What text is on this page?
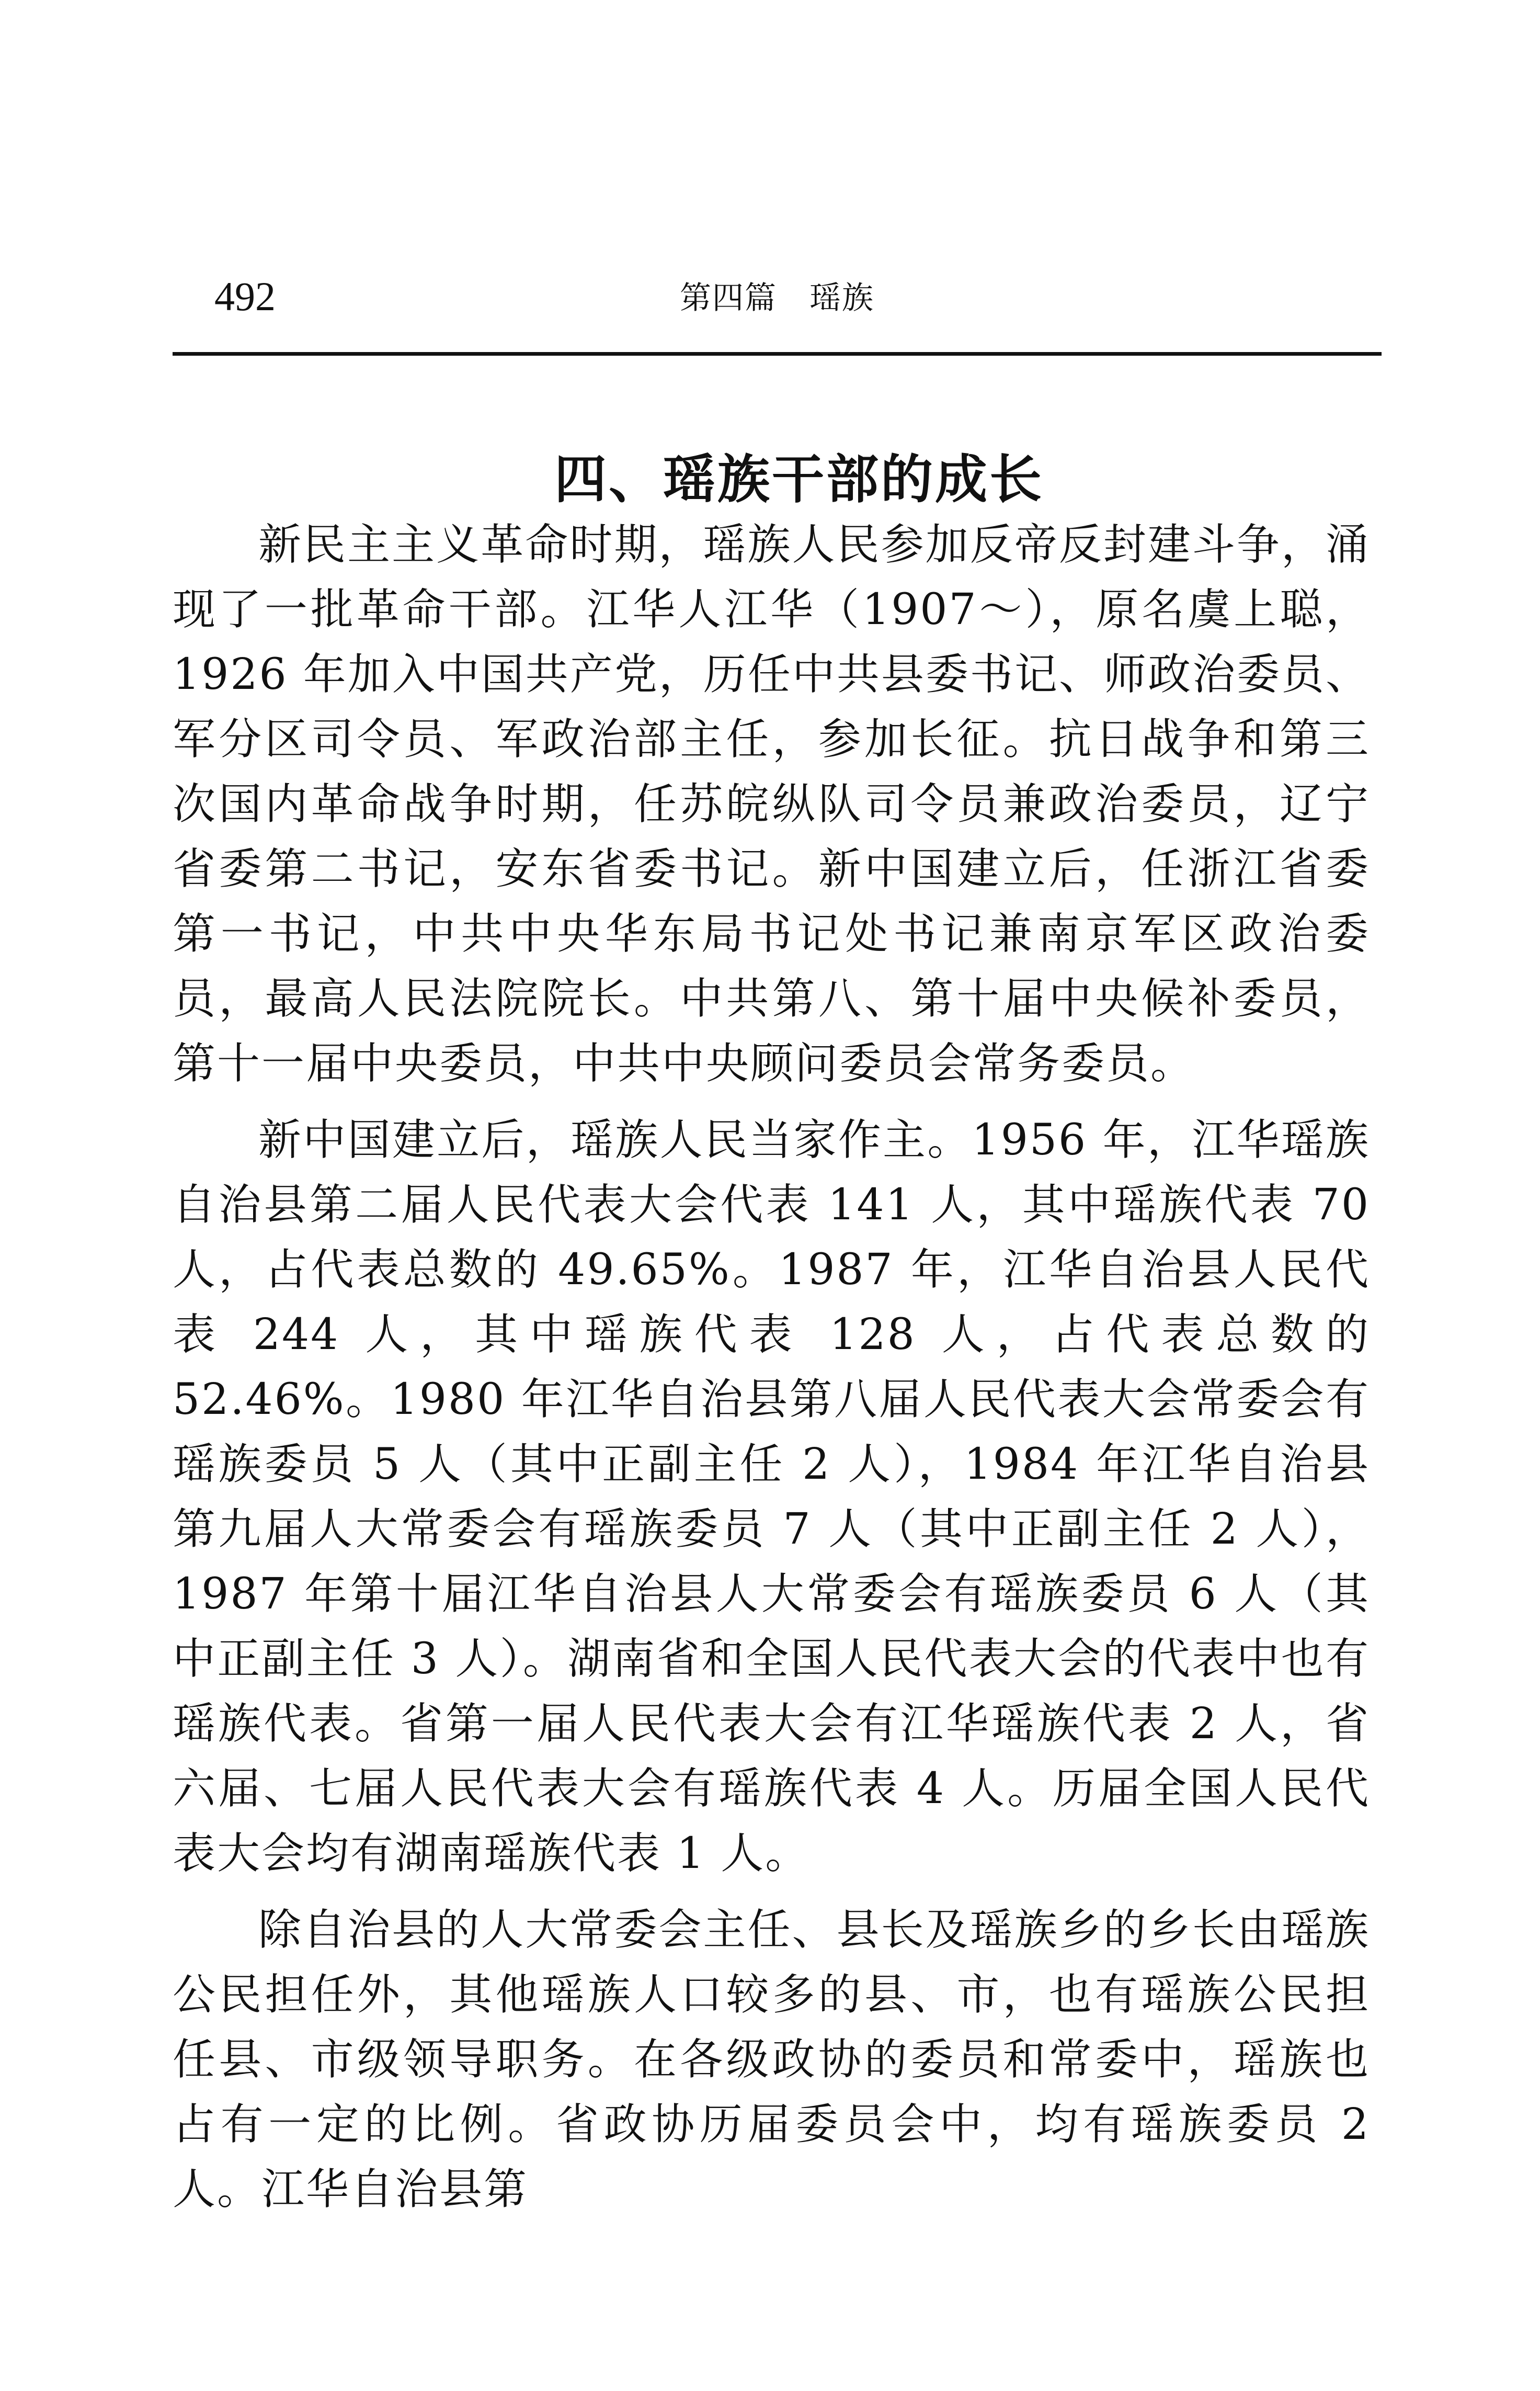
492	第四篇　瑶族
四、瑶族干部的成长

新民主主义革命时期，瑶族人民参加反帝反封建斗争，涌现了一批革命干部。江华人江华（1907～），原名虞上聪，1926 年加入中国共产党，历任中共县委书记、师政治委员、军分区司令员、军政治部主任，参加长征。抗日战争和第三次国内革命战争时期，任苏皖纵队司令员兼政治委员，辽宁省委第二书记，安东省委书记。新中国建立后，任浙江省委第一书记，中共中央华东局书记处书记兼南京军区政治委员，最高人民法院院长。中共第八、第十届中央候补委员，第十一届中央委员，中共中央顾问委员会常务委员。

新中国建立后，瑶族人民当家作主。1956 年，江华瑶族自治县第二届人民代表大会代表 141 人，其中瑶族代表 70 人，占代表总数的 49.65%。1987 年，江华自治县人民代表 244 人，其中瑶族代表 128 人，占代表总数的 52.46%。1980 年江华自治县第八届人民代表大会常委会有瑶族委员 5 人（其中正副主任 2 人），1984 年江华自治县第九届人大常委会有瑶族委员 7 人（其中正副主任 2 人），1987 年第十届江华自治县人大常委会有瑶族委员 6 人（其中正副主任 3 人）。湖南省和全国人民代表大会的代表中也有瑶族代表。省第一届人民代表大会有江华瑶族代表 2 人，省六届、七届人民代表大会有瑶族代表 4 人。历届全国人民代表大会均有湖南瑶族代表 1 人。

除自治县的人大常委会主任、县长及瑶族乡的乡长由瑶族公民担任外，其他瑶族人口较多的县、市，也有瑶族公民担任县、市级领导职务。在各级政协的委员和常委中，瑶族也占有一定的比例。省政协历届委员会中，均有瑶族委员 2 人。江华自治县第
